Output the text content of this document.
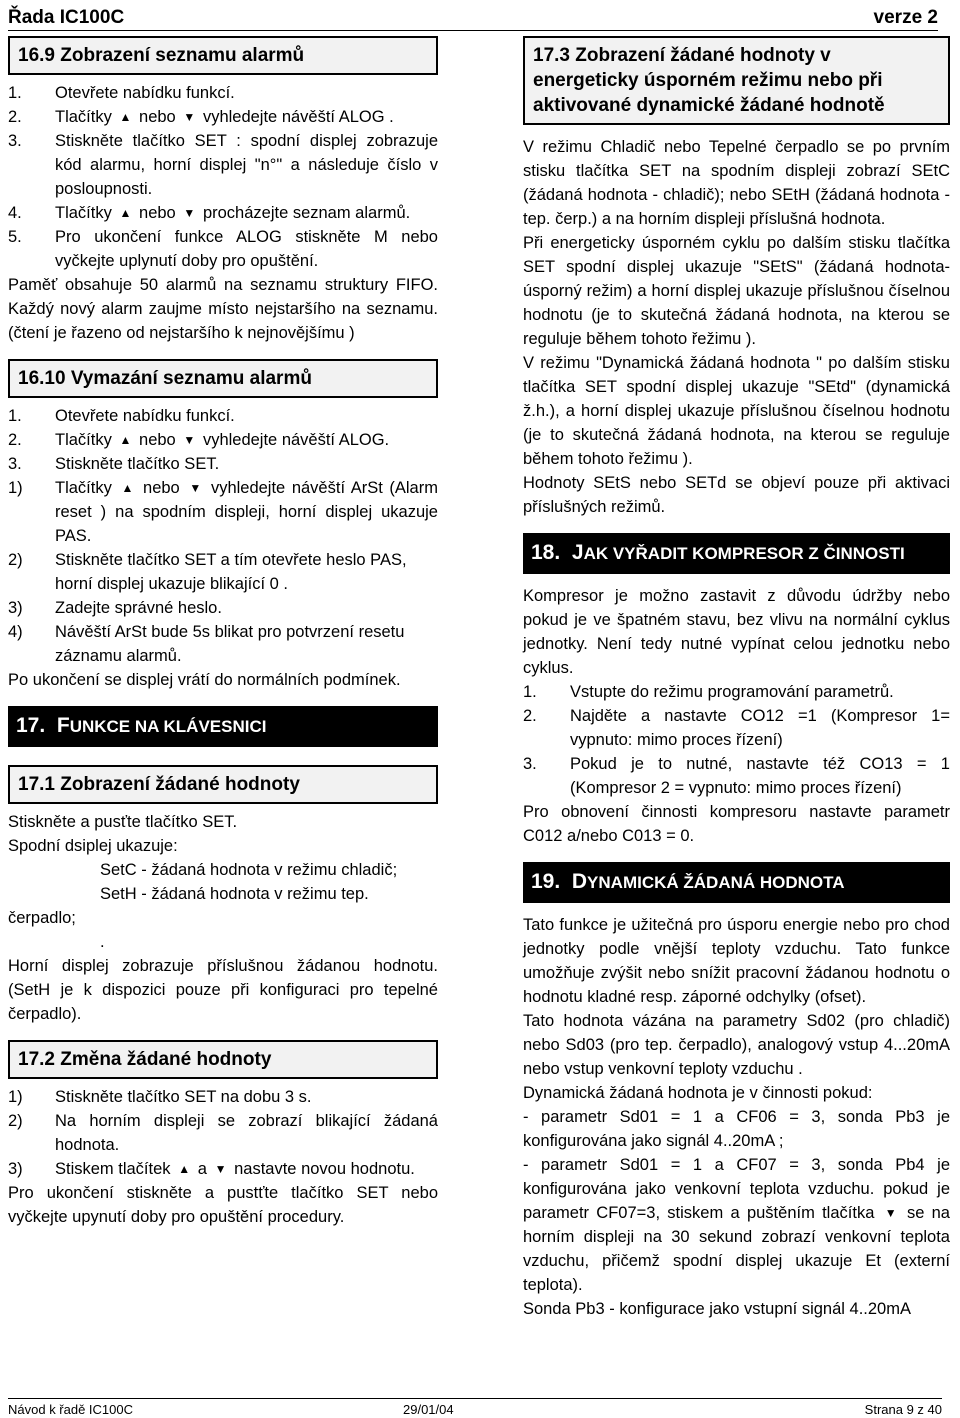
Řada IC100C	verze 2
16.9 Zobrazení seznamu alarmů
1.	Otevřete nabídku funkcí.
2.	Tlačítky ▲ nebo ▼ vyhledejte návěští ALOG .
3.	Stiskněte tlačítko SET : spodní displej zobrazuje kód alarmu, horní displej "n°" a následuje číslo v posloupnosti.
4.	Tlačítky ▲ nebo ▼ procházejte seznam alarmů.
5.	Pro ukončení funkce ALOG stiskněte M nebo vyčkejte uplynutí doby pro opuštění.

Paměť obsahuje 50 alarmů na seznamu struktury FIFO. Každý nový alarm zaujme místo nejstaršího na seznamu. (čtení je řazeno od nejstaršího k nejnovějšímu )

16.10 Vymazání seznamu alarmů
1.	Otevřete nabídku funkcí.
2.	Tlačítky ▲ nebo ▼ vyhledejte návěští ALOG.
3.	Stiskněte tlačítko SET.
1)	Tlačítky ▲ nebo ▼ vyhledejte návěští ArSt (Alarm reset ) na spodním displeji, horní displej ukazuje PAS.
2)	Stiskněte tlačítko SET a tím otevřete heslo PAS, horní displej ukazuje blikající 0 .
3)	Zadejte správné heslo.
4)	Návěští ArSt bude 5s blikat pro potvrzení resetu záznamu alarmů.

Po ukončení se displej vrátí do normálních podmínek.

17. FUNKCE NA KLÁVESNICI
17.1 Zobrazení žádané hodnoty

Stiskněte a pusťte tlačítko SET.

Spodní dsiplej ukazuje:

SetC - žádaná hodnota v režimu chladič;

SetH - žádaná hodnota v režimu tep.

čerpadlo;

.

Horní displej zobrazuje příslušnou žádanou hodnotu. (SetH je k dispozici pouze při konfiguraci pro tepelné čerpadlo).

17.2 Změna žádané hodnoty
1)	Stiskněte tlačítko SET na dobu 3 s.
2)	Na horním displeji se zobrazí blikající žádaná hodnota.
3)	Stiskem tlačítek ▲ a ▼ nastavte novou hodnotu.

Pro ukončení stiskněte a pustťte tlačítko SET nebo vyčkejte upynutí doby pro opuštění procedury.

17.3 Zobrazení žádané hodnoty v energeticky úsporném režimu nebo při aktivované dynamické žádané hodnotě

V režimu Chladič nebo Tepelné čerpadlo se po prvním stisku tlačítka SET na spodním displeji zobrazí SEtC (žádaná hodnota - chladič); nebo SEtH (žádaná hodnota -tep. čerp.) a na horním displeji příslušná hodnota.

Při energeticky úsporném cyklu po dalším stisku tlačítka SET spodní displej ukazuje "SEtS" (žádaná hodnota-úsporný režim) a horní displej ukazuje příslušnou číselnou hodnotu (je to skutečná žádaná hodnota, na kterou se reguluje během tohoto řežimu ).

V režimu "Dynamická žádaná hodnota " po dalším stisku tlačítka SET spodní displej ukazuje "SEtd" (dynamická ž.h.), a horní displej ukazuje příslušnou číselnou hodnotu (je to skutečná žádaná hodnota, na kterou se reguluje během tohoto řežimu ).

Hodnoty SEtS nebo SETd se objeví pouze při aktivaci příslušných režimů.

18. JAK VYŘADIT KOMPRESOR Z ČINNOSTI

Kompresor je možno zastavit z důvodu údržby nebo pokud je ve špatném stavu, bez vlivu na normální cyklus jednotky. Není tedy nutné vypínat celou jednotku nebo cyklus.

1.	Vstupte do režimu programování parametrů.
2.	Najděte a nastavte CO12 =1 (Kompresor 1= vypnuto: mimo proces řízení)
3.	Pokud je to nutné, nastavte též CO13 = 1 (Kompresor 2 = vypnuto: mimo proces řízení)

Pro obnovení činnosti kompresoru nastavte parametr C012 a/nebo C013 = 0.

19. DYNAMICKÁ ŽÁDANÁ HODNOTA

Tato funkce je užitečná pro úsporu energie nebo pro chod jednotky podle vnější teploty vzduchu. Tato funkce umožňuje zvýšit nebo snížit pracovní žádanou hodnotu o hodnotu kladné resp. záporné odchylky (ofset).

Tato hodnota vázána na parametry Sd02 (pro chladič) nebo Sd03 (pro tep. čerpadlo), analogový vstup 4...20mA nebo vstup venkovní teploty vzduchu .

Dynamická žádaná hodnota je v činnosti pokud:

- parametr Sd01 = 1 a CF06 = 3, sonda Pb3 je konfigurována jako signál 4..20mA ;

- parametr Sd01 = 1 a CF07 = 3, sonda Pb4 je konfigurována jako venkovní teplota vzduchu. pokud je parametr CF07=3, stiskem a puštěním tlačítka ▼ se na horním displeji na 30 sekund zobrazí venkovní teplota vzduchu, přičemž spodní displej ukazuje Et (externí teplota).

Sonda Pb3 - konfigurace jako vstupní signál 4..20mA

Návod k řadě IC100C	29/01/04	Strana 9 z 40
